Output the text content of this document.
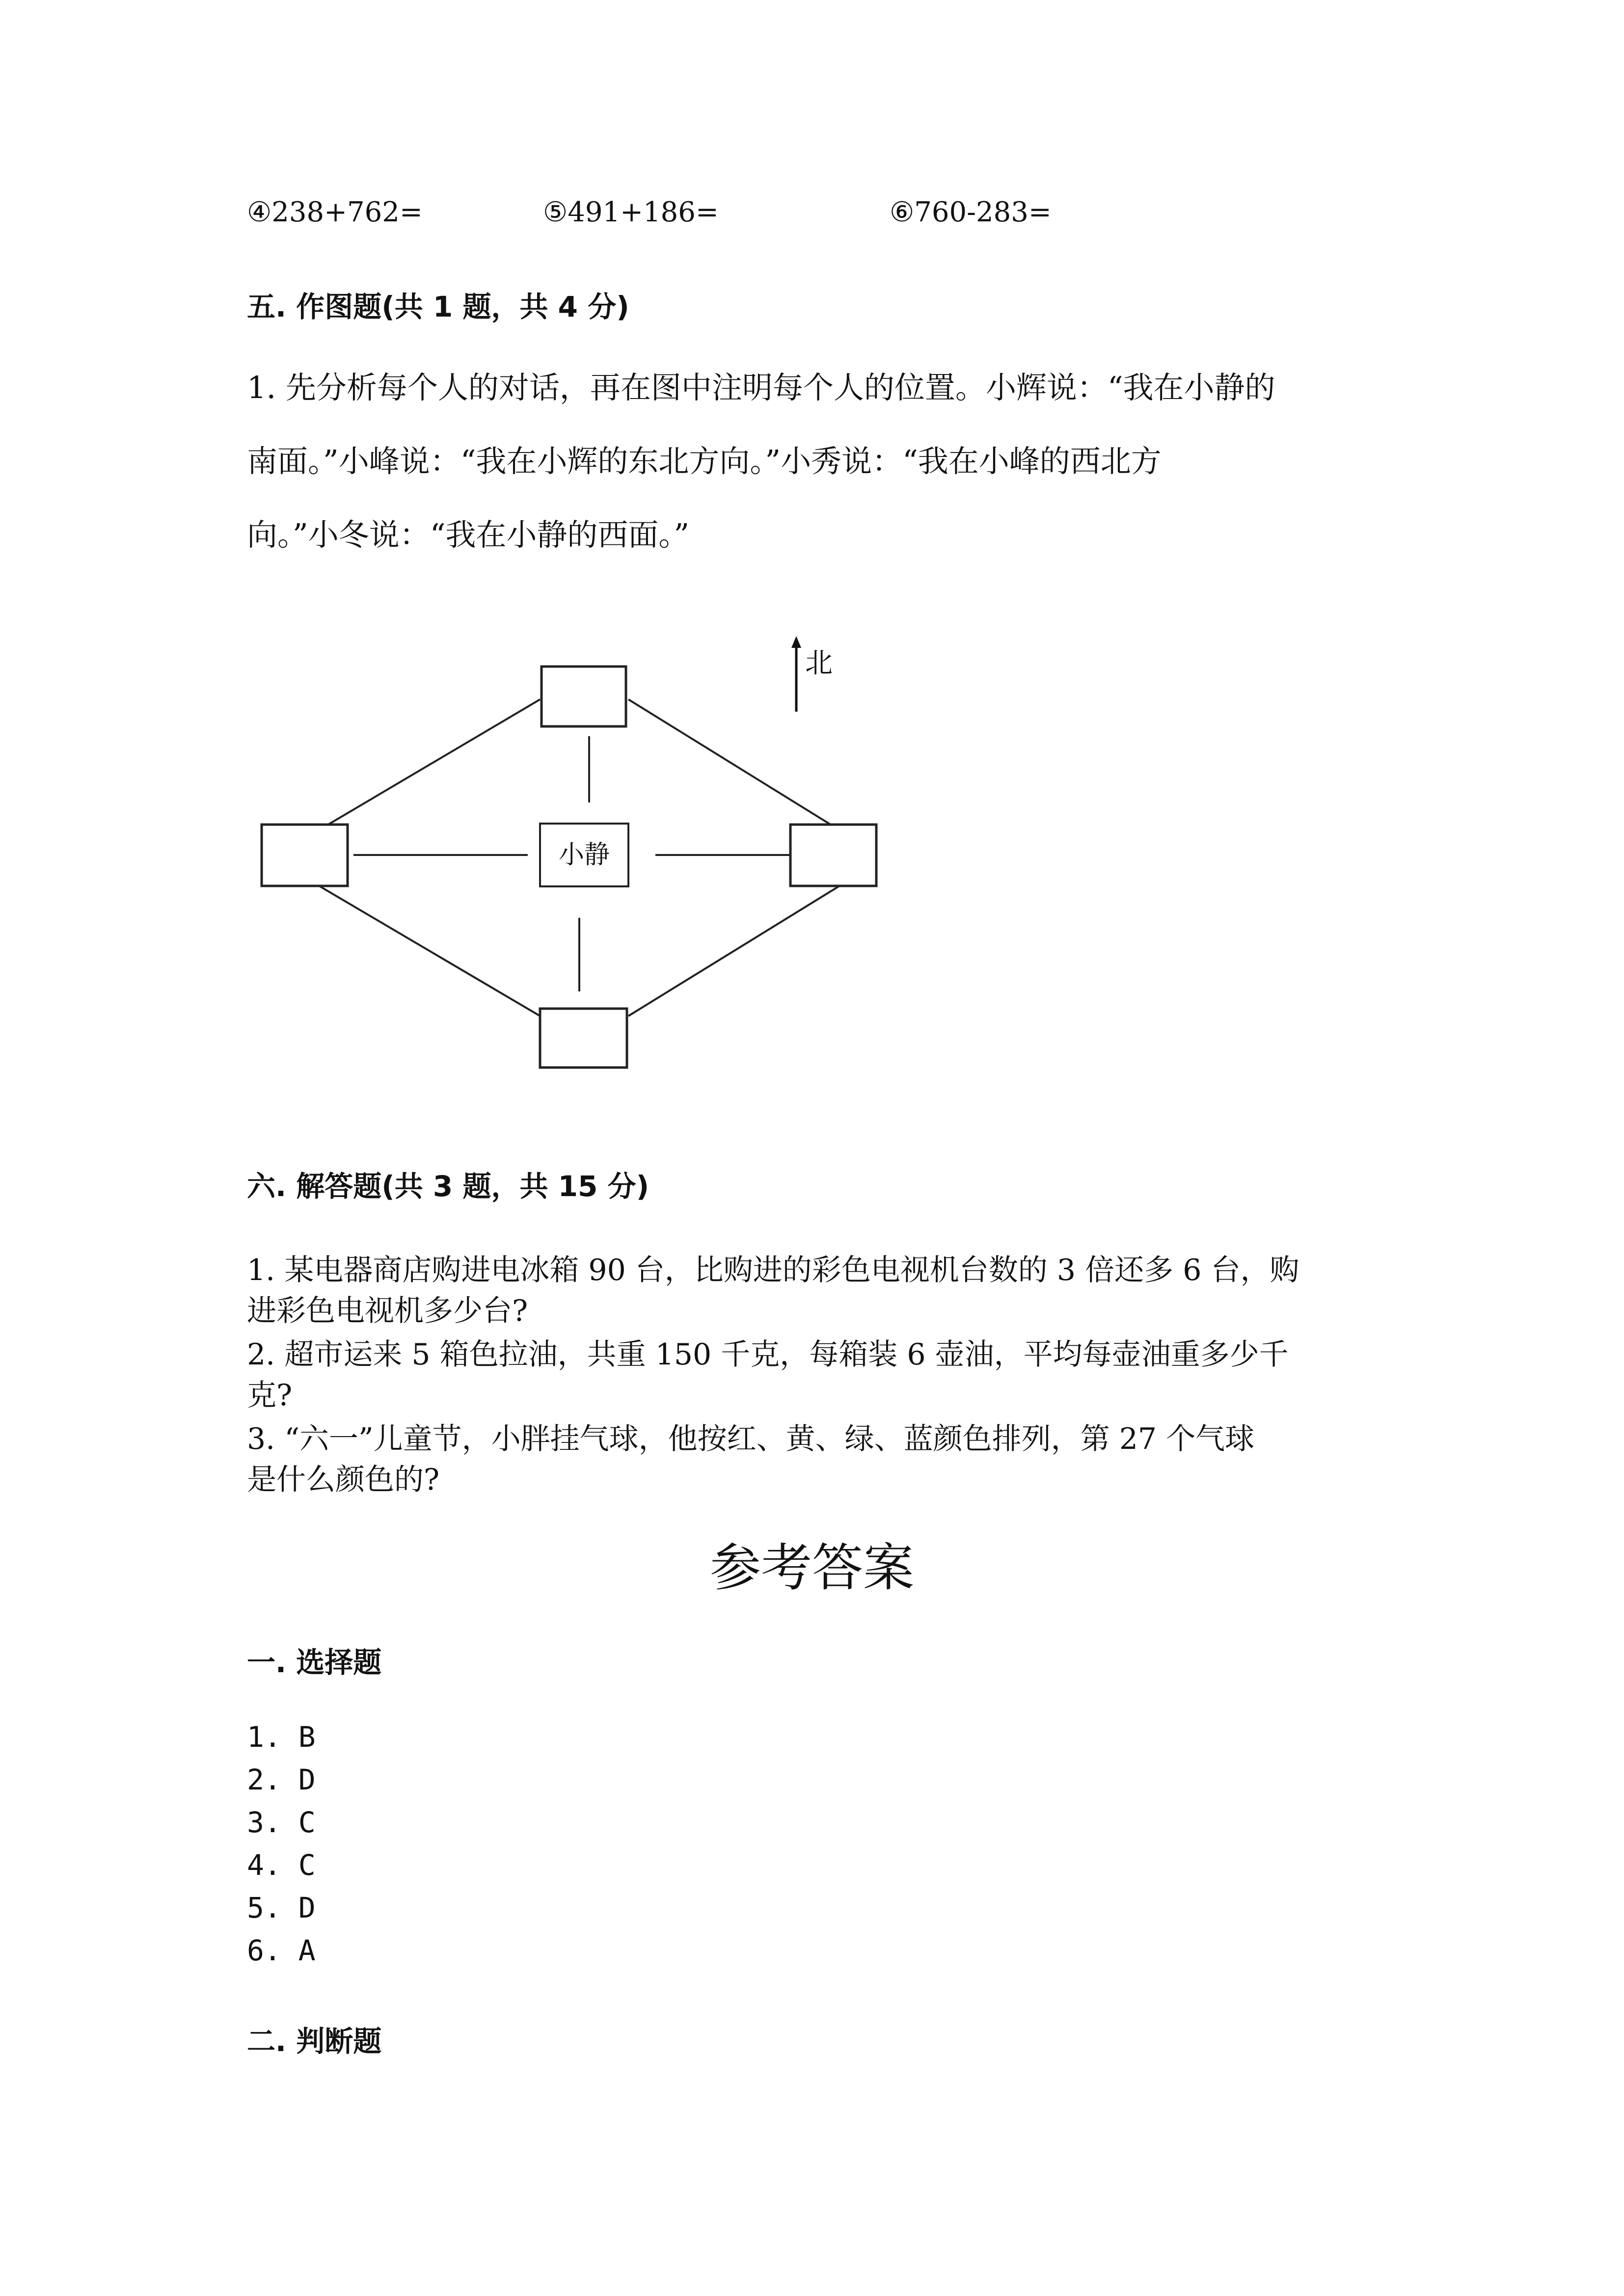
④238+762=	⑤491+186=	⑥760-283=
五. 作图题(共 1 题，共 4 分)
1. 先分析每个人的对话，再在图中注明每个人的位置。小辉说：“我在小静的
南面。”小峰说：“我在小辉的东北方向。”小秀说：“我在小峰的西北方
向。”小冬说：“我在小静的西面。”
小静
北
六. 解答题(共 3 题，共 15 分)
1. 某电器商店购进电冰箱 90 台，比购进的彩色电视机台数的 3 倍还多 6 台，购
进彩色电视机多少台?
2. 超市运来 5 箱色拉油，共重 150 千克，每箱装 6 壶油，平均每壶油重多少千
克?
3. “六一”儿童节，小胖挂气球，他按红、黄、绿、蓝颜色排列，第 27 个气球
是什么颜色的?
参考答案
一. 选择题
1. B
2. D
3. C
4. C
5. D
6. A
二. 判断题
